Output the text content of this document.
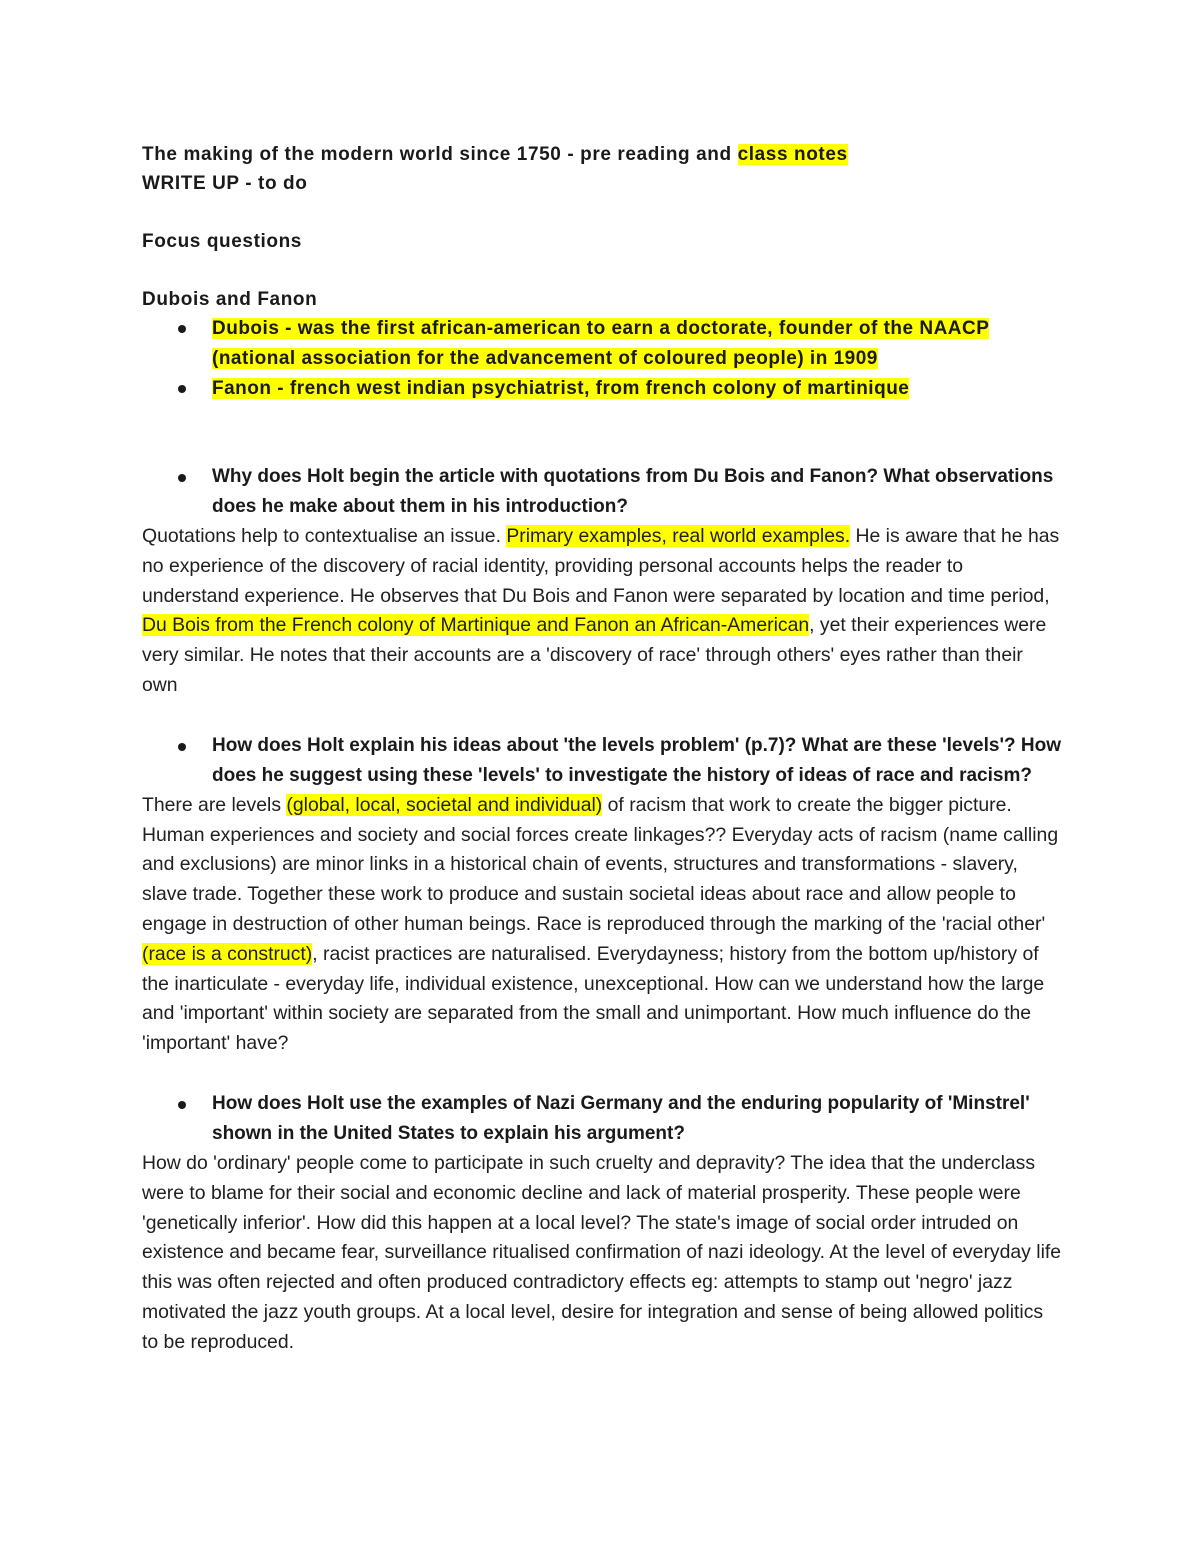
The making of the modern world since 1750 - pre reading and class notes
WRITE UP - to do
Focus questions
Dubois and Fanon
Dubois - was the first african-american to earn a doctorate, founder of the NAACP (national association for the advancement of coloured people) in 1909
Fanon - french west indian psychiatrist, from french colony of martinique
Why does Holt begin the article with quotations from Du Bois and Fanon? What observations does he make about them in his introduction?

Quotations help to contextualise an issue. Primary examples, real world examples. He is aware that he has no experience of the discovery of racial identity, providing personal accounts helps the reader to understand experience. He observes that Du Bois and Fanon were separated by location and time period, Du Bois from the French colony of Martinique and Fanon an African-American, yet their experiences were very similar. He notes that their accounts are a 'discovery of race' through others' eyes rather than their own

How does Holt explain his ideas about 'the levels problem' (p.7)? What are these 'levels'? How does he suggest using these 'levels' to investigate the history of ideas of race and racism?

There are levels (global, local, societal and individual) of racism that work to create the bigger picture. Human experiences and society and social forces create linkages?? Everyday acts of racism (name calling and exclusions) are minor links in a historical chain of events, structures and transformations - slavery, slave trade. Together these work to produce and sustain societal ideas about race and allow people to engage in destruction of other human beings. Race is reproduced through the marking of the 'racial other' (race is a construct), racist practices are naturalised. Everydayness; history from the bottom up/history of the inarticulate - everyday life, individual existence, unexceptional. How can we understand how the large and 'important' within society are separated from the small and unimportant. How much influence do the 'important' have?

How does Holt use the examples of Nazi Germany and the enduring popularity of 'Minstrel' shown in the United States to explain his argument?

How do 'ordinary' people come to participate in such cruelty and depravity? The idea that the underclass were to blame for their social and economic decline and lack of material prosperity. These people were 'genetically inferior'. How did this happen at a local level? The state's image of social order intruded on existence and became fear, surveillance ritualised confirmation of nazi ideology. At the level of everyday life this was often rejected and often produced contradictory effects eg: attempts to stamp out 'negro' jazz motivated the jazz youth groups. At a local level, desire for integration and sense of being allowed politics to be reproduced.
